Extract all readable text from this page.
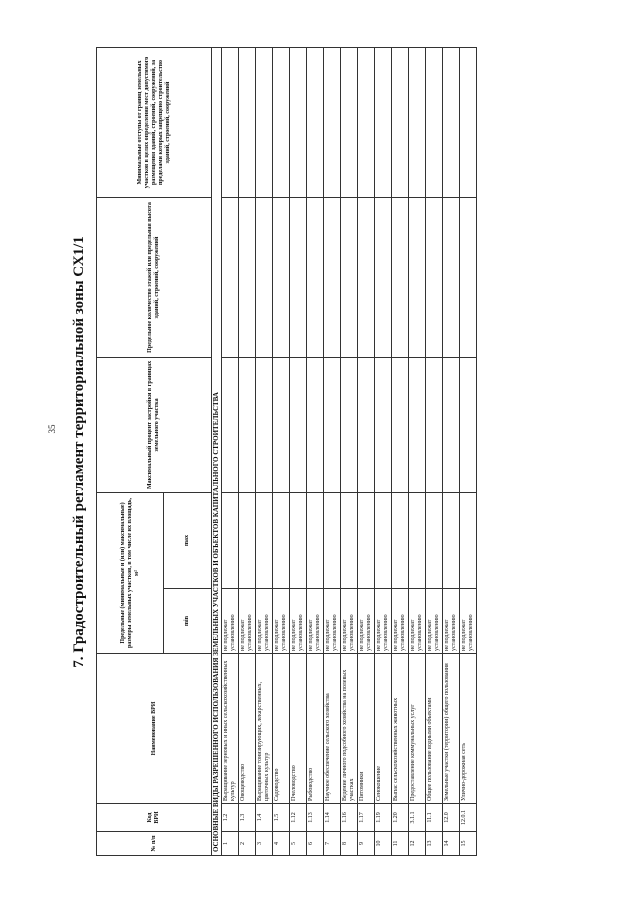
35 7. Градостроительный регламент территориальной зоны СХ1/1
№ п/п	Код ВРИ	Наименование ВРИ	Предельные (минимальные и (или) максимальные) размеры земельных участков, в том числе их площадь, м²		Максимальный процент застройки в границах земельного участка	Предельное количество этажей или предельная высота зданий, строений, сооружений	Минимальные отступы от границ земельных участков в целях определения мест допустимого размещения зданий, строений, сооружений, за пределами которых запрещено строительство зданий, строений, сооружений
			min	max			
ОСНОВНЫЕ ВИДЫ РАЗРЕШЕННОГО ИСПОЛЬЗОВАНИЯ ЗЕМЕЛЬНЫХ УЧАСТКОВ И ОБЪЕКТОВ КАПИТАЛЬНОГО СТРОИТЕЛЬСТВА							
1	1.2	Выращивание зерновых и иных сельскохозяйственных культур	не подлежат установлению				
2	1.3	Овощеводство	не подлежат установлению				
3	1.4	Выращивание тонизирующих, лекарственных, цветочных культур	не подлежат установлению				
4	1.5	Садоводство	не подлежат установлению				
5	1.12	Пчеловодство	не подлежат установлению				
6	1.13	Рыбоводство	не подлежат установлению				
7	1.14	Научное обеспечение сельского хозяйства	не подлежат установлению				
8	1.16	Ведение личного подсобного хозяйства на полевых участках	не подлежат установлению				
9	1.17	Питомники	не подлежат установлению				
10	1.19	Сенокошение	не подлежат установлению				
11	1.20	Выпас сельскохозяйственных животных	не подлежат установлению				
12	3.1.1	Предоставление коммунальных услуг	не подлежат установлению				
13	11.1	Общее пользование водными объектами	не подлежат установлению				
14	12.0	Земельные участки (территории) общего пользования	не подлежат установлению				
15	12.0.1	Улично-дорожная сеть	не подлежат установлению				
